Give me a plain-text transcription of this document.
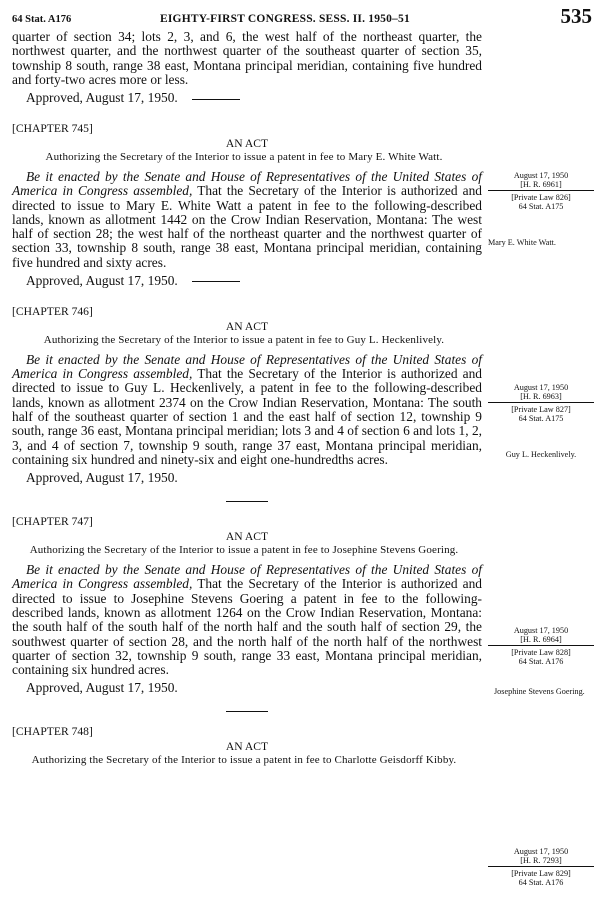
64 Stat. A176	EIGHTY-FIRST CONGRESS. SESS. II. 1950–51	535

quarter of section 34; lots 2, 3, and 6, the west half of the northeast quarter, the northwest quarter, and the northwest quarter of the southeast quarter of section 35, township 8 south, range 38 east, Montana principal meridian, containing five hundred and forty-two acres more or less.

Approved, August 17, 1950.
[CHAPTER 745]
AN ACT
Authorizing the Secretary of the Interior to issue a patent in fee to Mary E. White Watt.

Be it enacted by the Senate and House of Representatives of the United States of America in Congress assembled, That the Secretary of the Interior is authorized and directed to issue to Mary E. White Watt a patent in fee to the following-described lands, known as allotment 1442 on the Crow Indian Reservation, Montana: The west half of section 28; the west half of the northeast quarter and the northwest quarter of section 33, township 8 south, range 38 east, Montana principal meridian, containing five hundred and sixty acres.

Approved, August 17, 1950.
[CHAPTER 746]
AN ACT
Authorizing the Secretary of the Interior to issue a patent in fee to Guy L. Heckenlively.

Be it enacted by the Senate and House of Representatives of the United States of America in Congress assembled, That the Secretary of the Interior is authorized and directed to issue to Guy L. Heckenlively, a patent in fee to the following-described lands, known as allotment 2374 on the Crow Indian Reservation, Montana: The south half of the southeast quarter of section 1 and the east half of section 12, township 9 south, range 36 east, Montana principal meridian; lots 3 and 4 of section 6 and lots 1, 2, 3, and 4 of section 7, township 9 south, range 37 east, Montana principal meridian, containing six hundred and ninety-six and eight one-hundredths acres.

Approved, August 17, 1950.
[CHAPTER 747]
AN ACT
Authorizing the Secretary of the Interior to issue a patent in fee to Josephine Stevens Goering.

Be it enacted by the Senate and House of Representatives of the United States of America in Congress assembled, That the Secretary of the Interior is authorized and directed to issue to Josephine Stevens Goering a patent in fee to the following-described lands, known as allotment 1264 on the Crow Indian Reservation, Montana: the south half of the south half of the north half and the south half of section 29, the southwest quarter of section 28, and the north half of the north half of the northwest quarter of section 32, township 9 south, range 33 east, Montana principal meridian, containing six hundred acres.

Approved, August 17, 1950.
[CHAPTER 748]
AN ACT
Authorizing the Secretary of the Interior to issue a patent in fee to Charlotte Geisdorff Kibby.
August 17, 1950
[H. R. 6961]
[Private Law 826]
64 Stat. A175
Mary E. White Watt.
August 17, 1950
[H. R. 6963]
[Private Law 827]
64 Stat. A175
Guy L. Heckenlively.
August 17, 1950
[H. R. 6964]
[Private Law 828]
64 Stat. A176
Josephine Stevens Goering.
August 17, 1950
[H. R. 7293]
[Private Law 829]
64 Stat. A176
